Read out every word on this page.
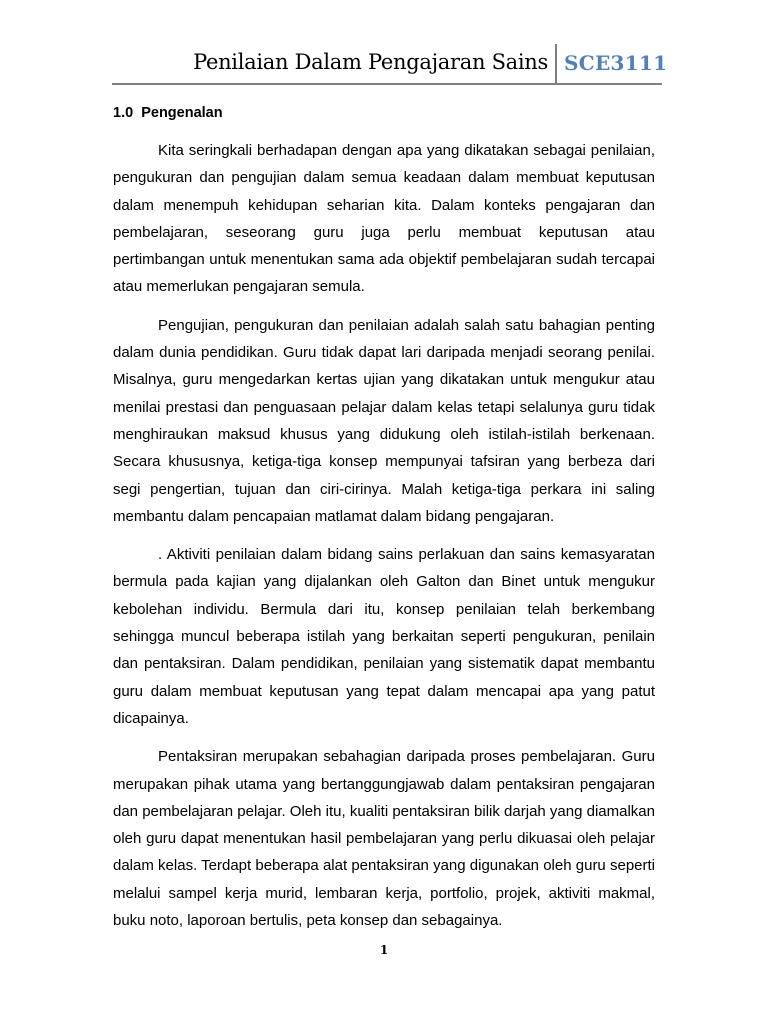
Penilaian Dalam Pengajaran Sains SCE3111
1.0  Pengenalan

Kita seringkali berhadapan dengan apa yang dikatakan sebagai penilaian, pengukuran dan pengujian dalam semua keadaan dalam membuat keputusan dalam menempuh kehidupan seharian kita. Dalam konteks pengajaran dan pembelajaran, seseorang guru juga perlu membuat keputusan atau pertimbangan untuk menentukan sama ada objektif pembelajaran sudah tercapai atau memerlukan pengajaran semula.

Pengujian, pengukuran dan penilaian adalah salah satu bahagian penting dalam dunia pendidikan. Guru tidak dapat lari daripada menjadi seorang penilai. Misalnya, guru mengedarkan kertas ujian yang dikatakan untuk mengukur atau menilai prestasi dan penguasaan pelajar dalam kelas tetapi selalunya guru tidak menghiraukan maksud khusus yang didukung oleh istilah-istilah berkenaan. Secara khususnya, ketiga-tiga konsep mempunyai tafsiran yang berbeza dari segi pengertian, tujuan dan ciri-cirinya. Malah ketiga-tiga perkara ini saling membantu dalam pencapaian matlamat dalam bidang pengajaran.

. Aktiviti penilaian dalam bidang sains perlakuan dan sains kemasyaratan bermula pada kajian yang dijalankan oleh Galton dan Binet untuk mengukur kebolehan individu. Bermula dari itu, konsep penilaian telah berkembang sehingga muncul beberapa istilah yang berkaitan seperti pengukuran, penilain dan pentaksiran. Dalam pendidikan, penilaian yang sistematik dapat membantu guru dalam membuat keputusan yang tepat dalam mencapai apa yang patut dicapainya.

Pentaksiran merupakan sebahagian daripada proses pembelajaran. Guru merupakan pihak utama yang bertanggungjawab dalam pentaksiran pengajaran dan pembelajaran pelajar. Oleh itu, kualiti pentaksiran bilik darjah yang diamalkan oleh guru dapat menentukan hasil pembelajaran yang perlu dikuasai oleh pelajar dalam kelas. Terdapt beberapa alat pentaksiran yang digunakan oleh guru seperti melalui sampel kerja murid, lembaran kerja, portfolio, projek, aktiviti makmal, buku noto, laporoan bertulis, peta konsep dan sebagainya.

1
